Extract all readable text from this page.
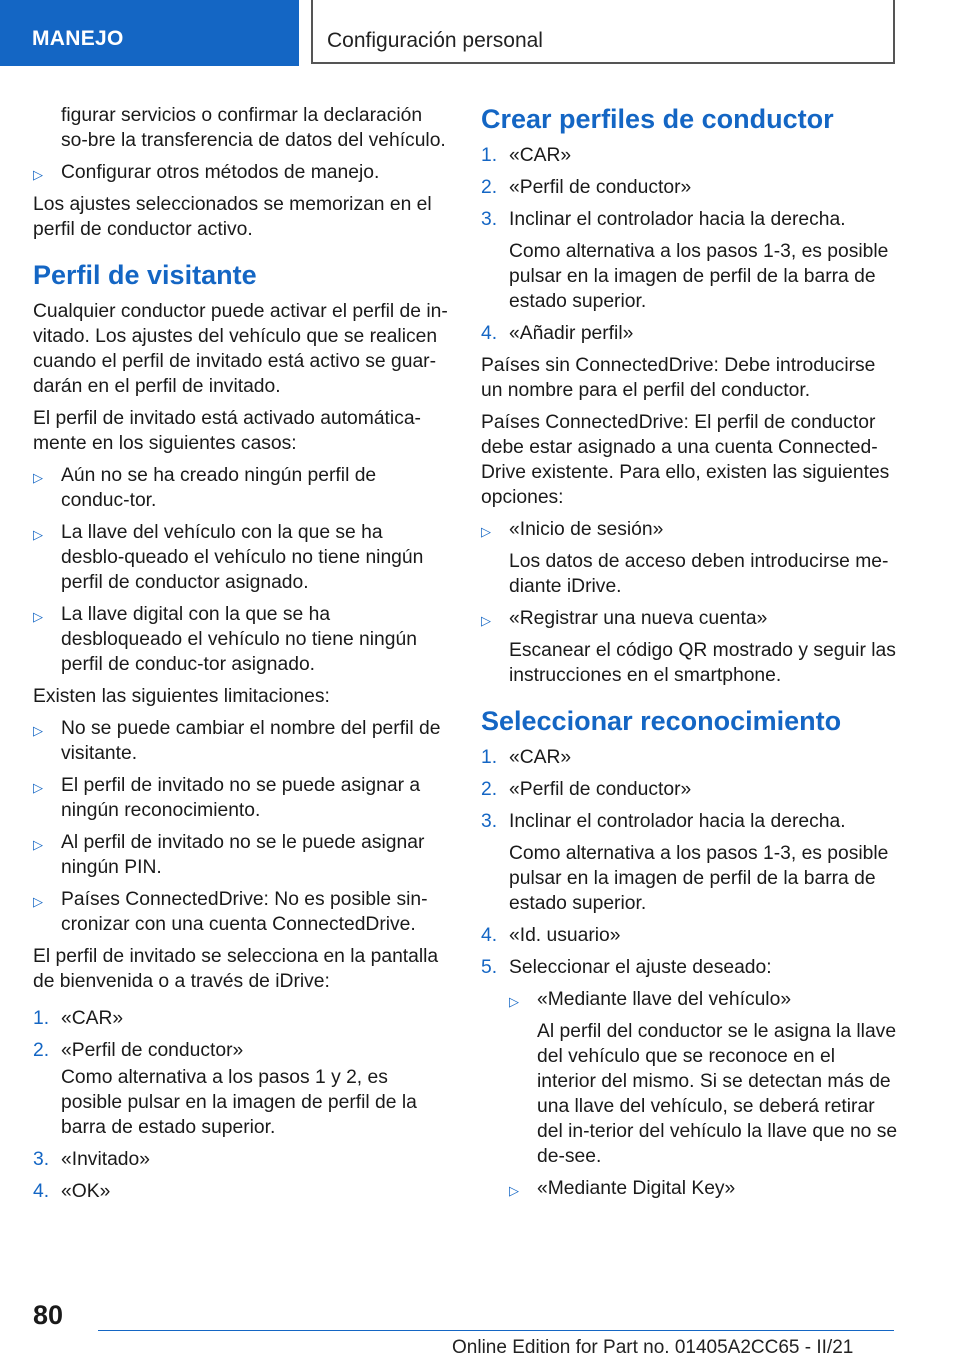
MANEJO	Configuración personal
figurar servicios o confirmar la declaración so-bre la transferencia de datos del vehículo.
▷ Configurar otros métodos de manejo.
Los ajustes seleccionados se memorizan en el perfil de conductor activo.
Perfil de visitante
Cualquier conductor puede activar el perfil de in-vitado. Los ajustes del vehículo que se realicen cuando el perfil de invitado está activo se guar-darán en el perfil de invitado.
El perfil de invitado está activado automática-mente en los siguientes casos:
▷ Aún no se ha creado ningún perfil de conduc-tor.
▷ La llave del vehículo con la que se ha desblo-queado el vehículo no tiene ningún perfil de conductor asignado.
▷ La llave digital con la que se ha desbloqueado el vehículo no tiene ningún perfil de conduc-tor asignado.
Existen las siguientes limitaciones:
▷ No se puede cambiar el nombre del perfil de visitante.
▷ El perfil de invitado no se puede asignar a ningún reconocimiento.
▷ Al perfil de invitado no se le puede asignar ningún PIN.
▷ Países ConnectedDrive: No es posible sin-cronizar con una cuenta ConnectedDrive.
El perfil de invitado se selecciona en la pantalla de bienvenida o a través de iDrive:
1. «CAR»
2. «Perfil de conductor»
Como alternativa a los pasos 1 y 2, es posible pulsar en la imagen de perfil de la barra de estado superior.
3. «Invitado»
4. «OK»
Crear perfiles de conductor
1. «CAR»
2. «Perfil de conductor»
3. Inclinar el controlador hacia la derecha.
Como alternativa a los pasos 1-3, es posible pulsar en la imagen de perfil de la barra de estado superior.
4. «Añadir perfil»
Países sin ConnectedDrive: Debe introducirse un nombre para el perfil del conductor.
Países ConnectedDrive: El perfil de conductor debe estar asignado a una cuenta Connected-Drive existente. Para ello, existen las siguientes opciones:
▷ «Inicio de sesión»
Los datos de acceso deben introducirse me-diante iDrive.
▷ «Registrar una nueva cuenta»
Escanear el código QR mostrado y seguir las instrucciones en el smartphone.
Seleccionar reconocimiento
1. «CAR»
2. «Perfil de conductor»
3. Inclinar el controlador hacia la derecha.
Como alternativa a los pasos 1-3, es posible pulsar en la imagen de perfil de la barra de estado superior.
4. «Id. usuario»
5. Seleccionar el ajuste deseado:
▷ «Mediante llave del vehículo»
Al perfil del conductor se le asigna la llave del vehículo que se reconoce en el interior del mismo. Si se detectan más de una llave del vehículo, se deberá retirar del in-terior del vehículo la llave que no se de-see.
▷ «Mediante Digital Key»
80
Online Edition for Part no. 01405A2CC65 - II/21
